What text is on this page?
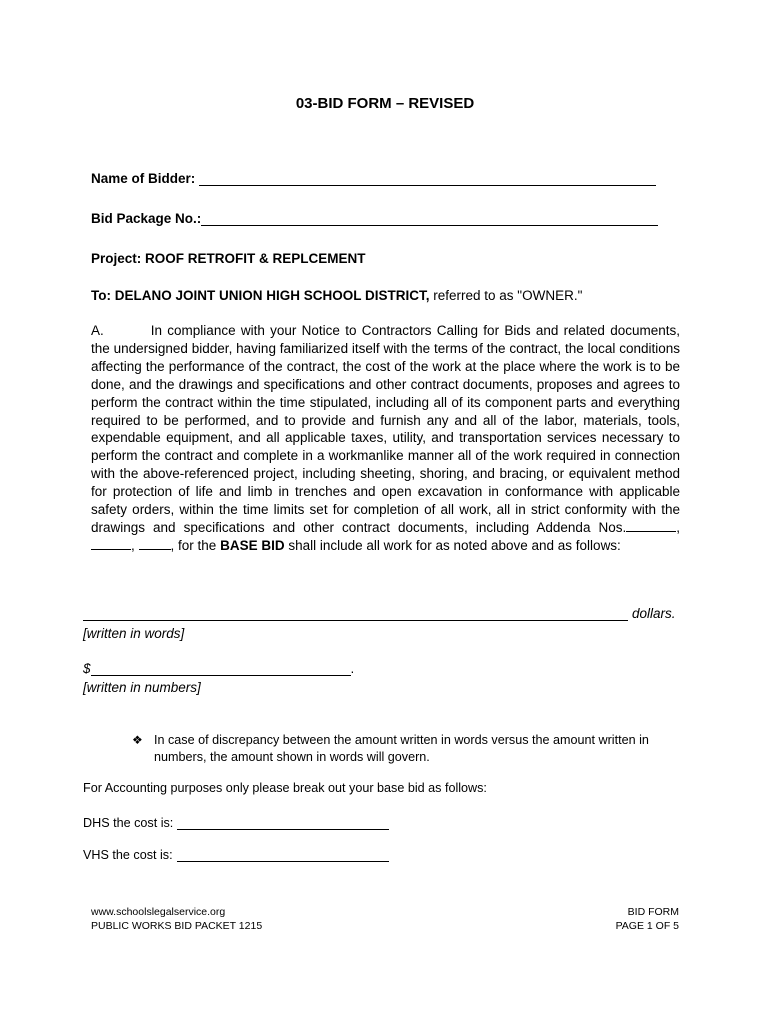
03-BID FORM – REVISED
Name of Bidder:
Bid Package No.:
Project: ROOF RETROFIT & REPLCEMENT
To: DELANO JOINT UNION HIGH SCHOOL DISTRICT, referred to as "OWNER."
A.	In compliance with your Notice to Contractors Calling for Bids and related documents, the undersigned bidder, having familiarized itself with the terms of the contract, the local conditions affecting the performance of the contract, the cost of the work at the place where the work is to be done, and the drawings and specifications and other contract documents, proposes and agrees to perform the contract within the time stipulated, including all of its component parts and everything required to be performed, and to provide and furnish any and all of the labor, materials, tools, expendable equipment, and all applicable taxes, utility, and transportation services necessary to perform the contract and complete in a workmanlike manner all of the work required in connection with the above-referenced project, including sheeting, shoring, and bracing, or equivalent method for protection of life and limb in trenches and open excavation in conformance with applicable safety orders, within the time limits set for completion of all work, all in strict conformity with the drawings and specifications and other contract documents, including Addenda Nos.	, ,	, for the BASE BID shall include all work for as noted above and as follows:
dollars.
[written in words]
$	.
[written in numbers]
❖ In case of discrepancy between the amount written in words versus the amount written in numbers, the amount shown in words will govern.
For Accounting purposes only please break out your base bid as follows:
DHS the cost is:
VHS the cost is:
www.schoolslegalservice.org
PUBLIC WORKS BID PACKET 1215
BID FORM
PAGE 1 OF 5
